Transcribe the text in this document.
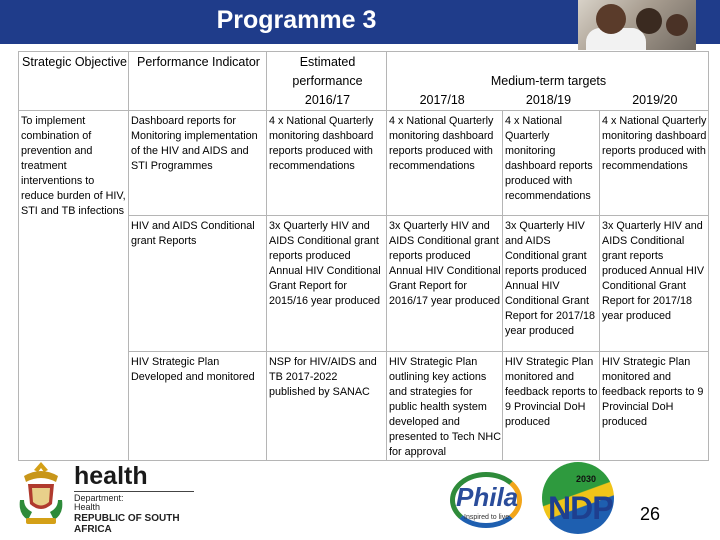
Programme 3
Strategic Objective	Performance Indicator	Estimated performance 2016/17	Medium-term targets
2017/18 2018/19 2019/20		

To implement combination of prevention and treatment interventions to reduce burden of HIV, STI and TB infections	Dashboard reports for Monitoring implementation of the HIV and AIDS and STI Programmes	4 x National Quarterly monitoring dashboard reports produced with recommendations	4 x National Quarterly monitoring dashboard reports produced with recommendations	4 x National Quarterly monitoring dashboard reports produced with recommendations	4 x National Quarterly monitoring dashboard reports produced with recommendations
	HIV and AIDS Conditional grant Reports	3x Quarterly HIV and AIDS Conditional grant reports produced Annual HIV Conditional Grant Report for 2015/16 year produced	3x Quarterly HIV and AIDS Conditional grant reports produced Annual HIV Conditional Grant Report for 2016/17 year produced	3x Quarterly HIV and AIDS Conditional grant reports produced Annual HIV Conditional Grant Report for 2017/18 year produced	3x Quarterly HIV and AIDS Conditional grant reports produced Annual HIV Conditional Grant Report for 2017/18 year produced
	HIV Strategic Plan Developed and monitored	NSP for HIV/AIDS and TB 2017-2022 published by SANAC	HIV Strategic Plan outlining key actions and strategies for public health system developed and presented to Tech NHC for approval	HIV Strategic Plan monitored and feedback reports to 9 Provincial DoH produced	HIV Strategic Plan monitored and feedback reports to 9 Provincial DoH produced
health
Department:
Health
REPUBLIC OF SOUTH AFRICA
Phila
Inspired to live
2030
NDP 26
